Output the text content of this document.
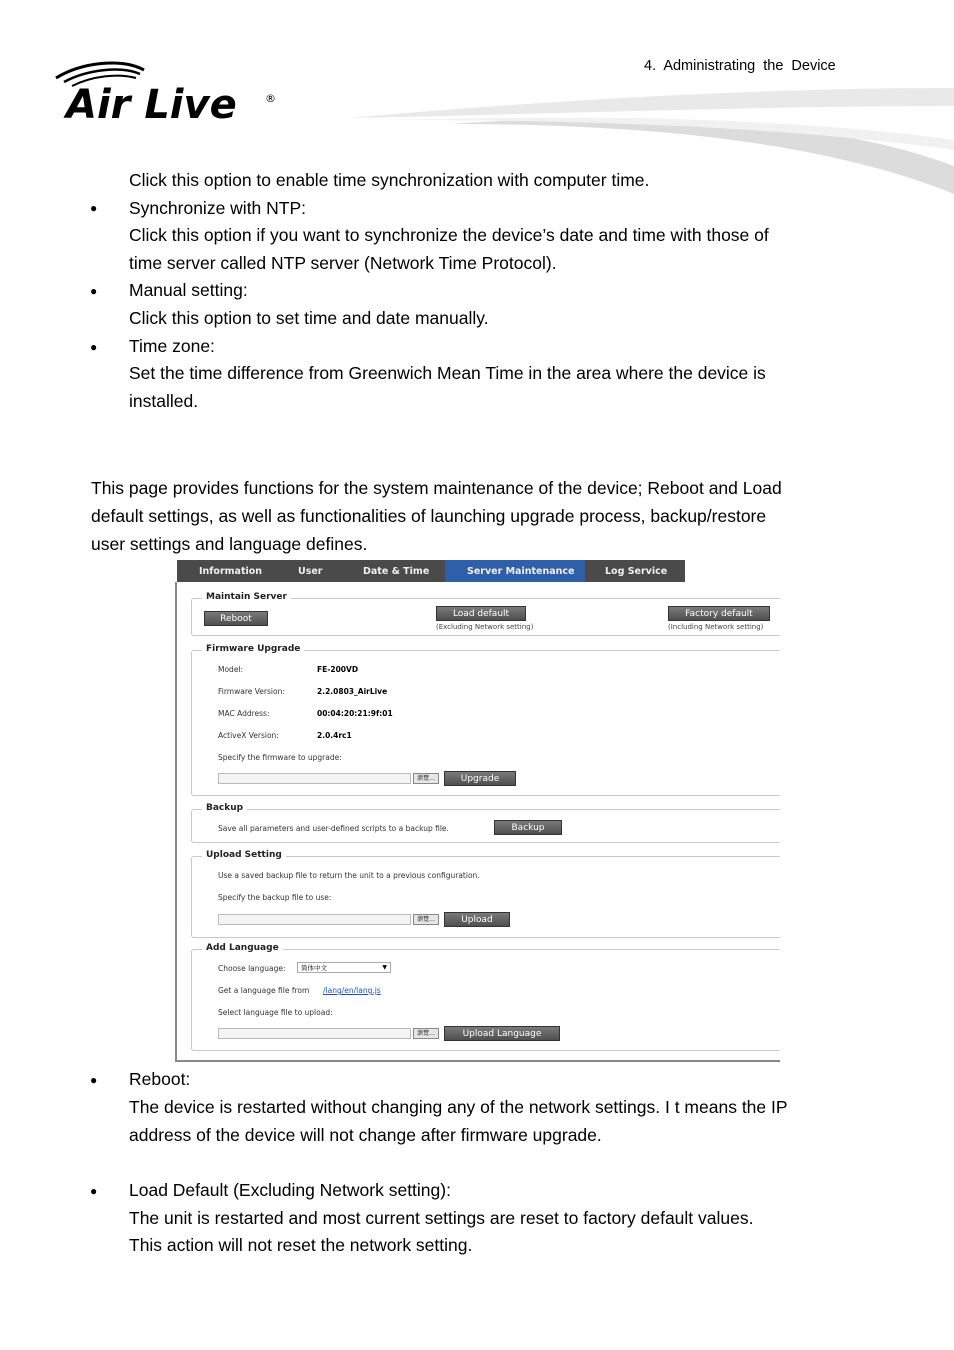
4. Administrating the Device
Air Live	®
Click this option to enable time synchronization with computer time.
● Synchronize with NTP:
Click this option if you want to synchronize the device’s date and time with those of
time server called NTP server (Network Time Protocol).
● Manual setting:
Click this option to set time and date manually.
● Time zone:
Set the time difference from Greenwich Mean Time in the area where the device is
installed.
This page provides functions for the system maintenance of the device; Reboot and Load
default settings, as well as functionalities of launching upgrade process, backup/restore
user settings and language defines.
Information	User	Date & Time	Server Maintenance	Log Service
Maintain Server
Reboot	Load default
(Excluding Network setting)
Factory default
(Including Network setting)
Firmware Upgrade
Model:	FE-200VD
Firmware Version:	2.2.0803_AirLive
MAC Address:	00:04:20:21:9f:01
ActiveX Version:	2.0.4rc1
Specify the firmware to upgrade:
瀏覽...	Upgrade
Backup
Save all parameters and user-defined scripts to a backup file.	Backup
Upload Setting
Use a saved backup file to return the unit to a previous configuration.
Specify the backup file to use:
瀏覽...	Upload
Add Language
Choose language:	简体中文	▼
Get a language file from /lang/en/lang.js
Select language file to upload:
瀏覽...	Upload Language
● Reboot:
The device is restarted without changing any of the network settings. I t means the IP
address of the device will not change after firmware upgrade.
● Load Default (Excluding Network setting):
The unit is restarted and most current settings are reset to factory default values.
This action will not reset the network setting.
